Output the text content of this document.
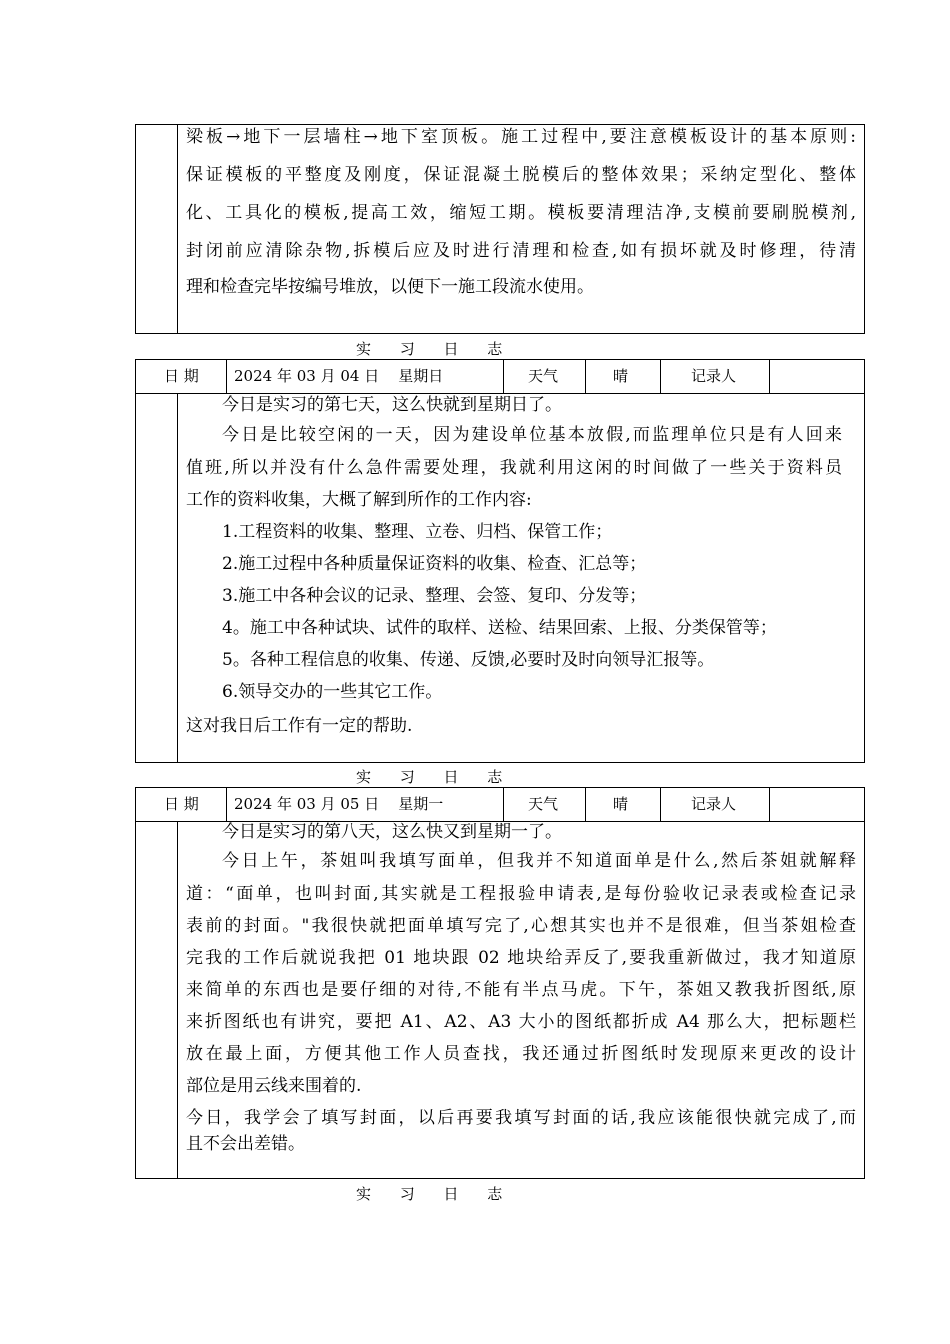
梁板→地下一层墙柱→地下室顶板。施工过程中,要注意模板设计的基本原则:
保证模板的平整度及刚度，保证混凝土脱模后的整体效果；采纳定型化、整体
化、工具化的模板,提高工效，缩短工期。模板要清理洁净,支模前要刷脱模剂,
封闭前应清除杂物,拆模后应及时进行清理和检查,如有损坏就及时修理，待清
理和检查完毕按编号堆放，以便下一施工段流水使用。
实 习 日 志
日 期 2024 年 03 月 04 日    星期日	天气	晴	记录人
今日是实习的第七天，这么快就到星期日了。
今日是比较空闲的一天，因为建设单位基本放假,而监理单位只是有人回来
值班,所以并没有什么急件需要处理，我就利用这闲的时间做了一些关于资料员
工作的资料收集，大概了解到所作的工作内容:
1.工程资料的收集、整理、立卷、归档、保管工作；
2.施工过程中各种质量保证资料的收集、检查、汇总等；
3.施工中各种会议的记录、整理、会签、复印、分发等；
4。施工中各种试块、试件的取样、送检、结果回索、上报、分类保管等；
5。各种工程信息的收集、传递、反馈,必要时及时向领导汇报等。
6.领导交办的一些其它工作。
这对我日后工作有一定的帮助.
实 习 日 志
日 期 2024 年 03 月 05 日    星期一	天气	晴	记录人
今日是实习的第八天，这么快又到星期一了。
今日上午，茶姐叫我填写面单，但我并不知道面单是什么,然后茶姐就解释
道：“面单，也叫封面,其实就是工程报验申请表,是每份验收记录表或检查记录
表前的封面。"我很快就把面单填写完了,心想其实也并不是很难，但当茶姐检查
完我的工作后就说我把 01 地块跟 02 地块给弄反了,要我重新做过，我才知道原
来简单的东西也是要仔细的对待,不能有半点马虎。下午，茶姐又教我折图纸,原
来折图纸也有讲究，要把 A1、A2、A3 大小的图纸都折成 A4 那么大，把标题栏
放在最上面，方便其他工作人员查找，我还通过折图纸时发现原来更改的设计
部位是用云线来围着的.
今日，我学会了填写封面，以后再要我填写封面的话,我应该能很快就完成了,而
且不会出差错。
实 习 日 志
